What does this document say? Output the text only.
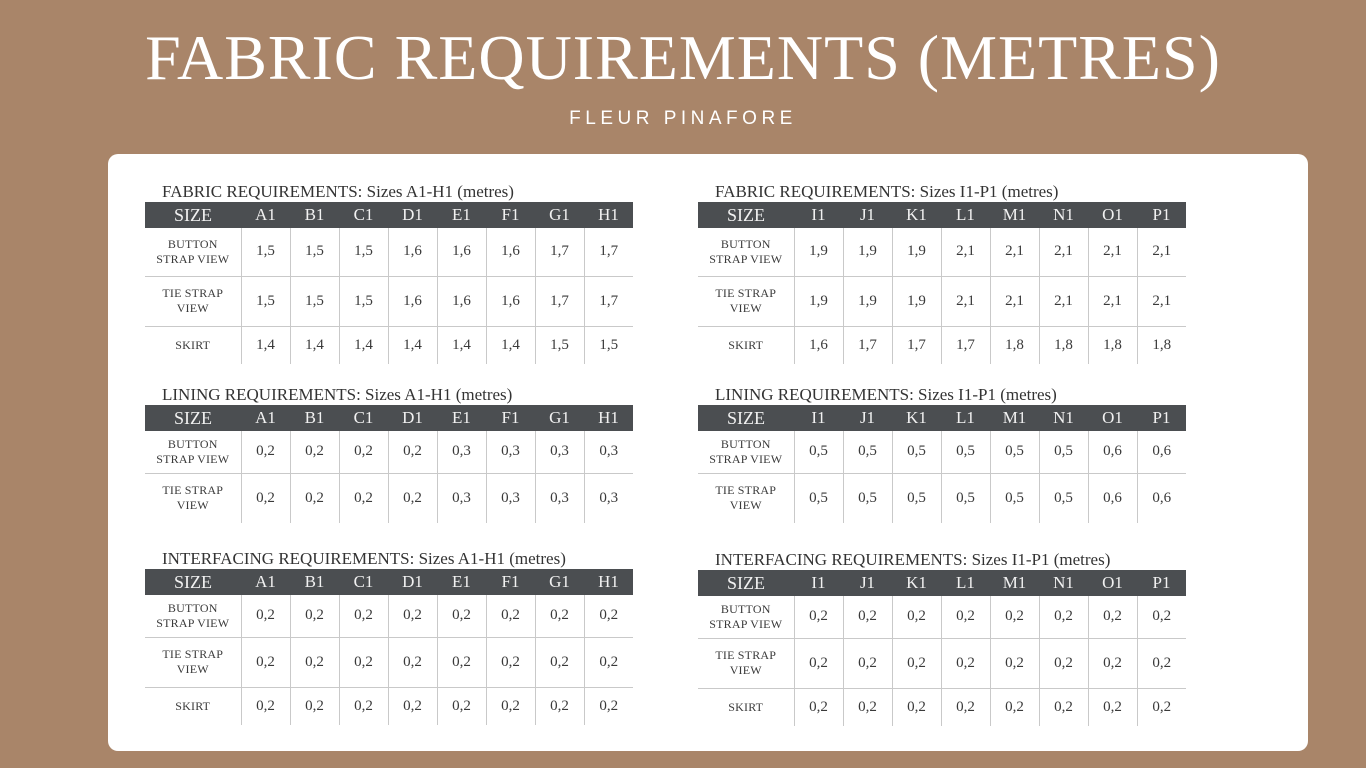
FABRIC REQUIREMENTS (METRES)
FLEUR PINAFORE
FABRIC REQUIREMENTS: Sizes A1-H1 (metres)
SIZE	A1	B1	C1	D1	E1	F1	G1	H1

BUTTON
STRAP VIEW	1,5	1,5	1,5	1,6	1,6	1,6	1,7	1,7

TIE STRAP
VIEW	1,5	1,5	1,5	1,6	1,6	1,6	1,7	1,7

SKIRT	1,4	1,4	1,4	1,4	1,4	1,4	1,5	1,5
FABRIC REQUIREMENTS: Sizes I1-P1 (metres)
SIZE	I1	J1	K1	L1	M1	N1	O1	P1

BUTTON
STRAP VIEW	1,9	1,9	1,9	2,1	2,1	2,1	2,1	2,1

TIE STRAP
VIEW	1,9	1,9	1,9	2,1	2,1	2,1	2,1	2,1

SKIRT	1,6	1,7	1,7	1,7	1,8	1,8	1,8	1,8
LINING REQUIREMENTS: Sizes A1-H1 (metres)
SIZE	A1	B1	C1	D1	E1	F1	G1	H1

BUTTON
STRAP VIEW	0,2	0,2	0,2	0,2	0,3	0,3	0,3	0,3

TIE STRAP
VIEW	0,2	0,2	0,2	0,2	0,3	0,3	0,3	0,3
LINING REQUIREMENTS: Sizes I1-P1 (metres)
SIZE	I1	J1	K1	L1	M1	N1	O1	P1

BUTTON
STRAP VIEW	0,5	0,5	0,5	0,5	0,5	0,5	0,6	0,6

TIE STRAP
VIEW	0,5	0,5	0,5	0,5	0,5	0,5	0,6	0,6
INTERFACING REQUIREMENTS: Sizes A1-H1 (metres)
SIZE	A1	B1	C1	D1	E1	F1	G1	H1

BUTTON
STRAP VIEW	0,2	0,2	0,2	0,2	0,2	0,2	0,2	0,2

TIE STRAP
VIEW	0,2	0,2	0,2	0,2	0,2	0,2	0,2	0,2

SKIRT	0,2	0,2	0,2	0,2	0,2	0,2	0,2	0,2
INTERFACING REQUIREMENTS: Sizes I1-P1 (metres)
SIZE	I1	J1	K1	L1	M1	N1	O1	P1

BUTTON
STRAP VIEW	0,2	0,2	0,2	0,2	0,2	0,2	0,2	0,2

TIE STRAP
VIEW	0,2	0,2	0,2	0,2	0,2	0,2	0,2	0,2

SKIRT	0,2	0,2	0,2	0,2	0,2	0,2	0,2	0,2
